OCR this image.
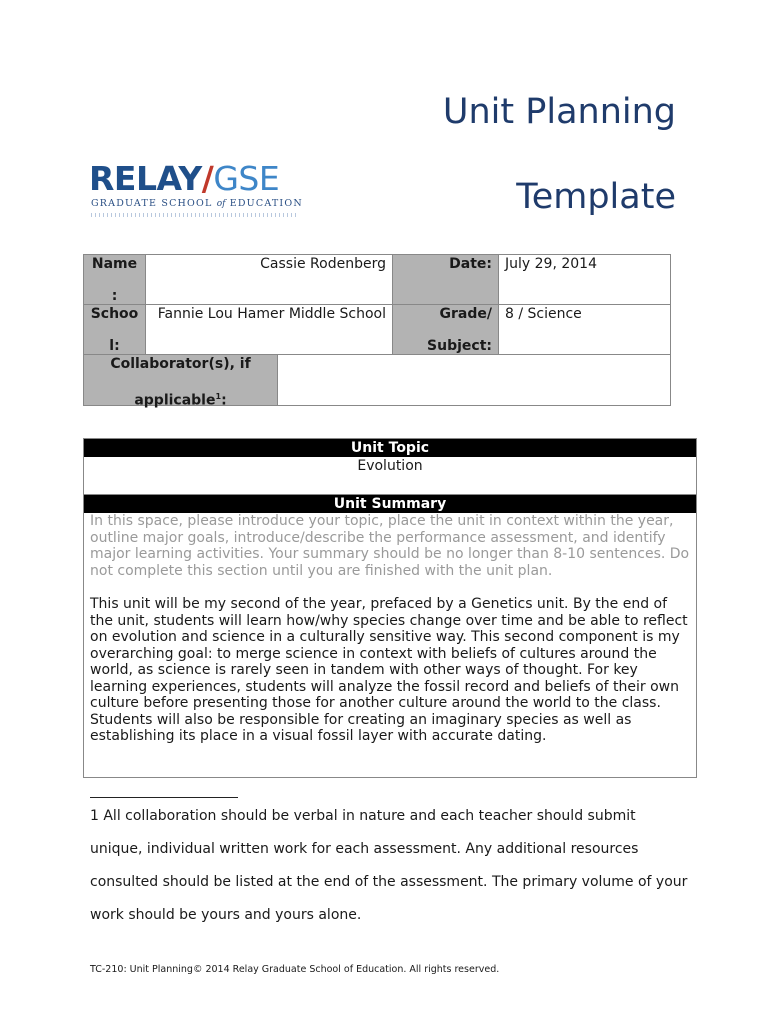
Unit Planning
Template
RELAY/GSE
GRADUATE SCHOOL of EDUCATION
Name
:
Cassie Rodenberg	Date: July 29, 2014
Schoo
l:
Fannie Lou Hamer Middle School	Grade/
Subject:
8 / Science
Collaborator(s), if
applicable$^1$:
Unit Topic
Evolution
Unit Summary

In this space, please introduce your topic, place the unit in context within the year, outline major goals, introduce/describe the performance assessment, and identify major learning activities. Your summary should be no longer than 8-10 sentences. Do not complete this section until you are finished with the unit plan.

This unit will be my second of the year, prefaced by a Genetics unit. By the end of the unit, students will learn how/why species change over time and be able to reflect on evolution and science in a culturally sensitive way. This second component is my overarching goal: to merge science in context with beliefs of cultures around the world, as science is rarely seen in tandem with other ways of thought. For key learning experiences, students will analyze the fossil record and beliefs of their own culture before presenting those for another culture around the world to the class. Students will also be responsible for creating an imaginary species as well as establishing its place in a visual fossil layer with accurate dating.

1 All collaboration should be verbal in nature and each teacher should submit unique, individual written work for each assessment. Any additional resources consulted should be listed at the end of the assessment. The primary volume of your work should be yours and yours alone.

TC-210: Unit Planning© 2014 Relay Graduate School of Education. All rights reserved.
